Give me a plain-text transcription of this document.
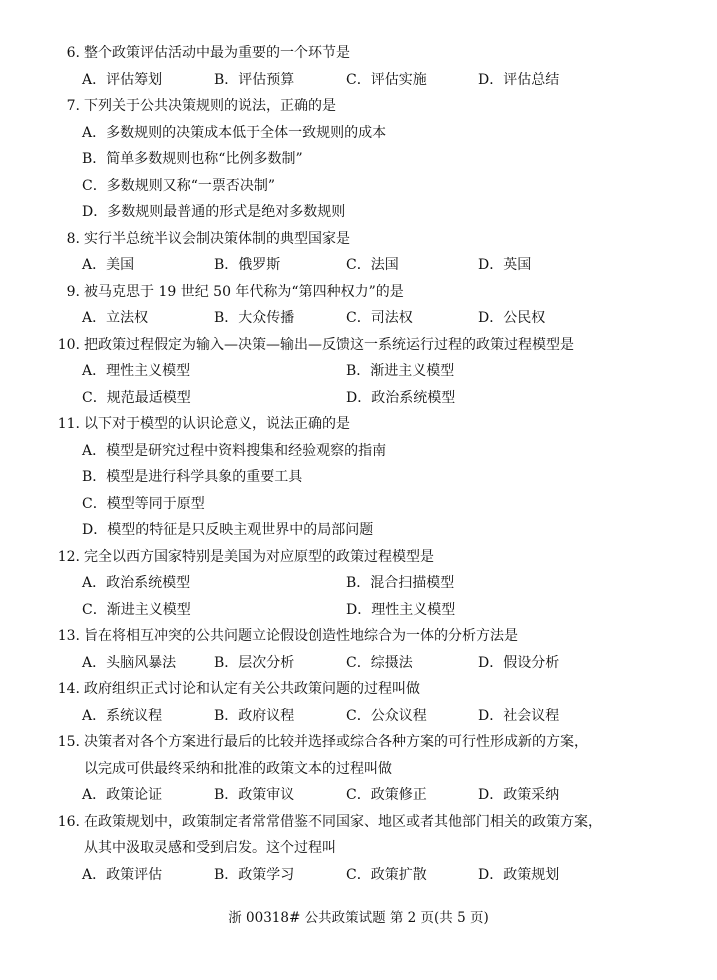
6. 整个政策评估活动中最为重要的一个环节是
A．评估筹划	B．评估预算	C．评估实施	D．评估总结
7. 下列关于公共决策规则的说法，正确的是
A．多数规则的决策成本低于全体一致规则的成本
B．简单多数规则也称“比例多数制”
C．多数规则又称“一票否决制”
D．多数规则最普通的形式是绝对多数规则
8. 实行半总统半议会制决策体制的典型国家是
A．美国	B．俄罗斯	C．法国	D．英国
9. 被马克思于 19 世纪 50 年代称为“第四种权力”的是
A．立法权	B．大众传播	C．司法权	D．公民权
10. 把政策过程假定为输入—决策—输出—反馈这一系统运行过程的政策过程模型是
A．理性主义模型	B．渐进主义模型
C．规范最适模型	D．政治系统模型
11. 以下对于模型的认识论意义，说法正确的是
A．模型是研究过程中资料搜集和经验观察的指南
B．模型是进行科学具象的重要工具
C．模型等同于原型
D．模型的特征是只反映主观世界中的局部问题
12. 完全以西方国家特别是美国为对应原型的政策过程模型是
A．政治系统模型	B．混合扫描模型
C．渐进主义模型	D．理性主义模型
13. 旨在将相互冲突的公共问题立论假设创造性地综合为一体的分析方法是
A．头脑风暴法	B．层次分析	C．综摄法	D．假设分析
14. 政府组织正式讨论和认定有关公共政策问题的过程叫做
A．系统议程	B．政府议程	C．公众议程	D．社会议程
15. 决策者对各个方案进行最后的比较并选择或综合各种方案的可行性形成新的方案，
以完成可供最终采纳和批准的政策文本的过程叫做
A．政策论证	B．政策审议	C．政策修正	D．政策采纳
16. 在政策规划中，政策制定者常常借鉴不同国家、地区或者其他部门相关的政策方案，
从其中汲取灵感和受到启发。这个过程叫
A．政策评估	B．政策学习	C．政策扩散	D．政策规划
浙 00318# 公共政策试题 第 2 页(共 5 页)
